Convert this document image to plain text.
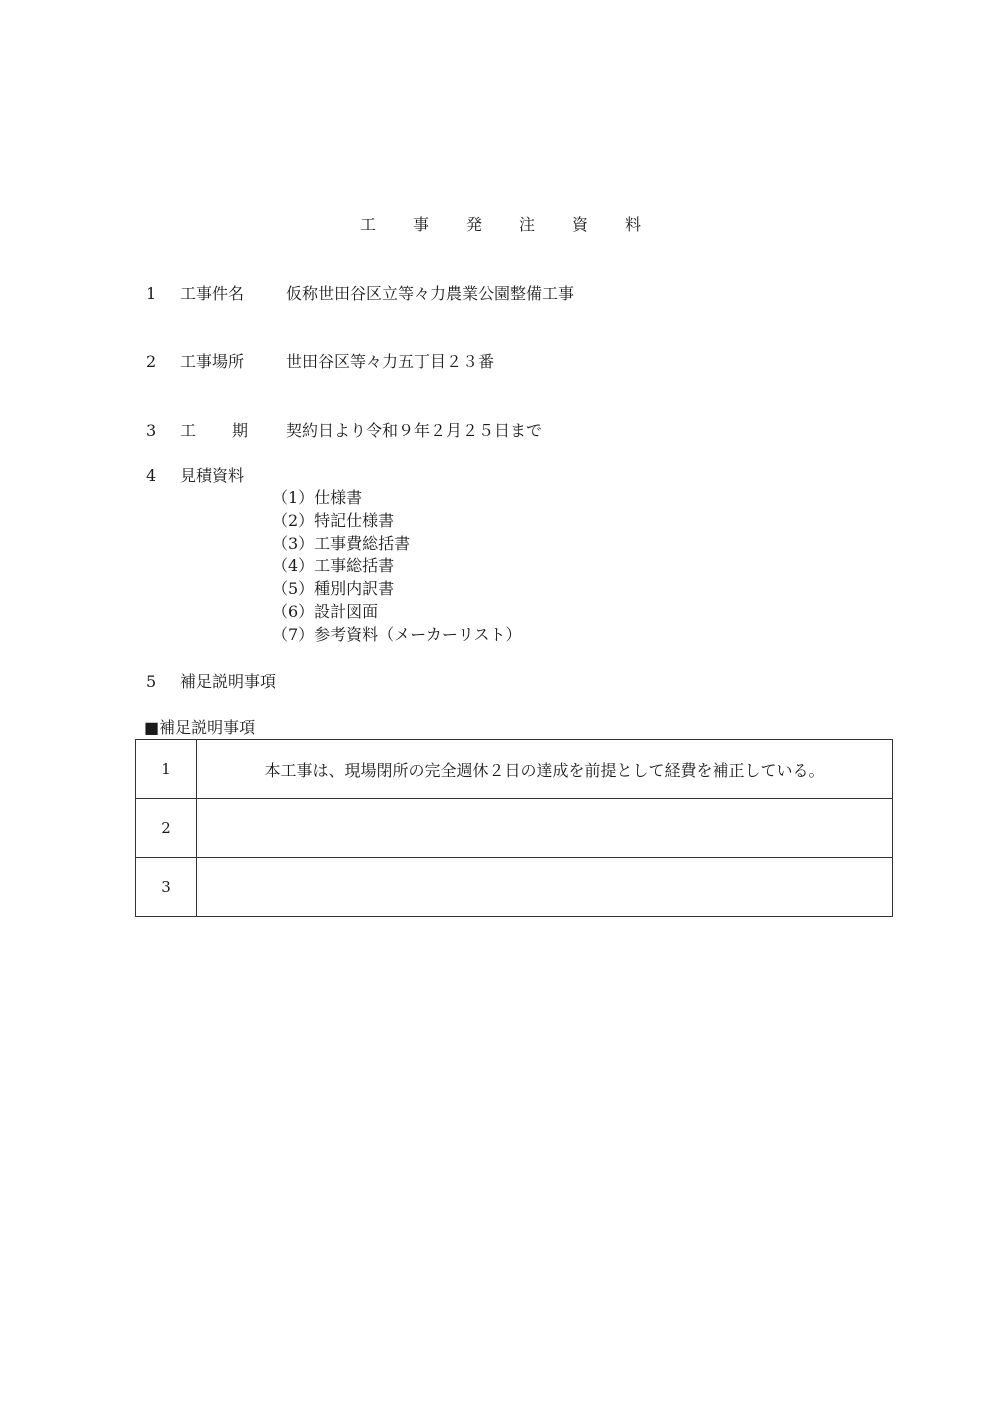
工 事 発 注 資 料
1 工事件名	仮称世田谷区立等々力農業公園整備工事
2 工事場所	世田谷区等々力五丁目２３番
3 工 期 契約日より令和９年２月２５日まで
4 見積資料
（1）仕様書
（2）特記仕様書
（3）工事費総括書
（4）工事総括書
（5）種別内訳書
（6）設計図面
（7）参考資料（メーカーリスト）
5 補足説明事項
■補足説明事項
1	本工事は、現場閉所の完全週休２日の達成を前提として経費を補正している。
2	
3	
